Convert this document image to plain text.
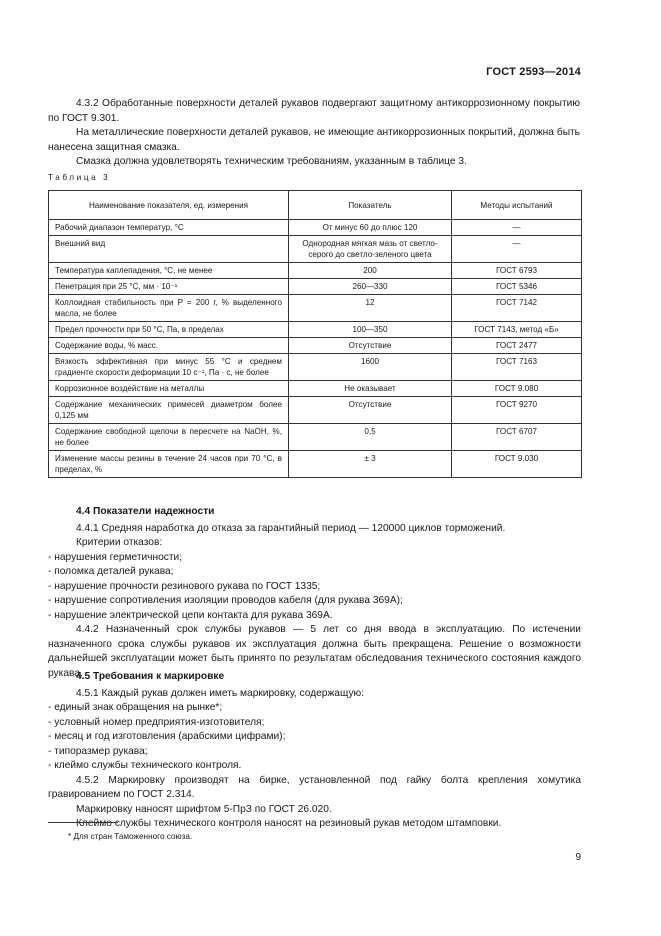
ГОСТ 2593—2014

4.3.2 Обработанные поверхности деталей рукавов подвергают защитному антикоррозионному покрытию по ГОСТ 9.301.

На металлические поверхности деталей рукавов, не имеющие антикоррозионных покрытий, должна быть нанесена защитная смазка.

Смазка должна удовлетворять техническим требованиям, указанным в таблице 3.

Таблица 3
Наименование показателя, ед. измерения	Показатель	Методы испытаний
Рабочий диапазон температур, °С	От минус 60 до плюс 120	—
Внешний вид	Однородная мягкая мазь от светло-серого до светло-зеленого цвета	—
Температура каплепадения, °С, не менее	200	ГОСТ 6793
Пенетрация при 25 °С, мм · 10⁻¹	260—330	ГОСТ 5346
Коллоидная стабильность при P = 200 г, % выделенного масла, не более	12	ГОСТ 7142
Предел прочности при 50 °С, Па, в пределах	100—350	ГОСТ 7143, метод «Б»
Содержание воды, % масс.	Отсутствие	ГОСТ 2477
Вязкость эффективная при минус 55 °С и среднем градиенте скорости деформации 10 с⁻¹, Па · с, не более	1600	ГОСТ 7163
Коррозионное воздействие на металлы	Не оказывает	ГОСТ 9.080
Содержание механических примесей диаметром более 0,125 мм	Отсутствие	ГОСТ 9270
Содержание свободной щелочи в пересчете на NaOH, %, не более	0,5	ГОСТ 6707
Изменение массы резины в течение 24 часов при 70 °С, в пределах, %	± 3	ГОСТ 9.030

4.4 Показатели надежности

4.4.1 Средняя наработка до отказа за гарантийный период — 120000 циклов торможений.

Критерии отказов:

- нарушения герметичности;

- поломка деталей рукава;

- нарушение прочности резинового рукава по ГОСТ 1335;

- нарушение сопротивления изоляции проводов кабеля (для рукава 369А);

- нарушение электрической цепи контакта для рукава 369А.

4.4.2 Назначенный срок службы рукавов — 5 лет со дня ввода в эксплуатацию. По истечении назначенного срока службы рукавов их эксплуатация должна быть прекращена. Решение о возможности дальнейшей эксплуатации может быть принято по результатам обследования технического состояния каждого рукава.

4.5 Требования к маркировке

4.5.1 Каждый рукав должен иметь маркировку, содержащую:

- единый знак обращения на рынке*;

- условный номер предприятия-изготовителя;

- месяц и год изготовления (арабскими цифрами);

- типоразмер рукава;

- клеймо службы технического контроля.

4.5.2 Маркировку производят на бирке, установленной под гайку болта крепления хомутика гравированием по ГОСТ 2.314.

Маркировку наносят шрифтом 5-ПрЗ по ГОСТ 26.020.

Клеймо службы технического контроля наносят на резиновый рукав методом штамповки.

* Для стран Таможенного союза.
9
